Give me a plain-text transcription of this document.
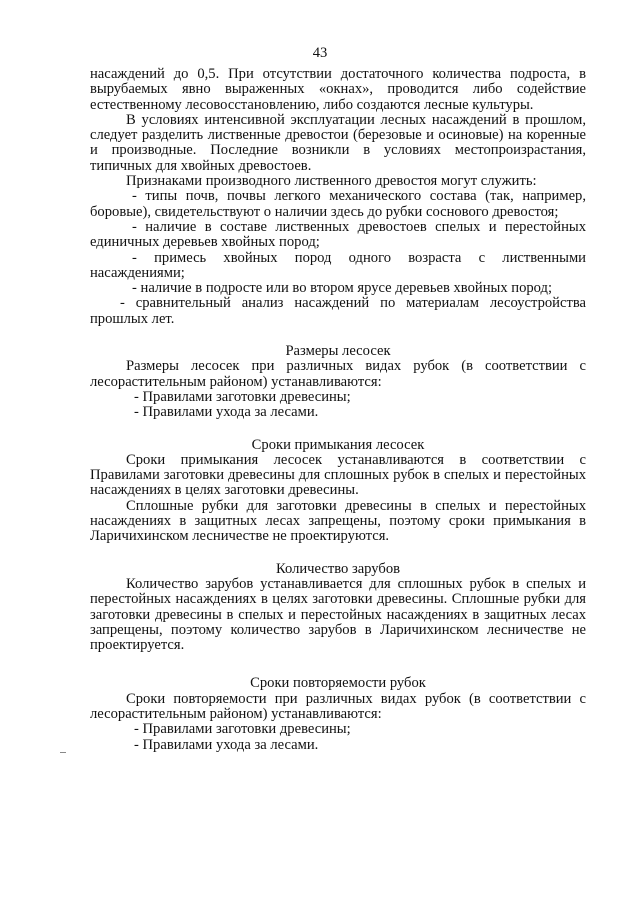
43

насаждений до 0,5. При отсутствии достаточного количества подроста, в вырубаемых явно выраженных «окнах», проводится либо содействие естественному лесовосстановлению, либо создаются лесные культуры.

В условиях интенсивной эксплуатации лесных насаждений в прошлом, следует разделить лиственные древостои (березовые и осиновые) на коренные и производные. Последние возникли в условиях местопроизрастания, типичных для хвойных древостоев.

Признаками производного лиственного древостоя могут служить:

- типы почв, почвы легкого механического состава (так, например, боровые), свидетельствуют о наличии здесь до рубки соснового древостоя;

- наличие в составе лиственных древостоев спелых и перестойных единичных деревьев хвойных пород;

- примесь хвойных пород одного возраста с лиственными насаждениями;

- наличие в подросте или во втором ярусе деревьев хвойных пород;

- сравнительный анализ насаждений по материалам лесоустройства прошлых лет.

Размеры лесосек

Размеры лесосек при различных видах рубок (в соответствии с лесорастительным районом) устанавливаются:

- Правилами заготовки древесины;

- Правилами ухода за лесами.

Сроки примыкания лесосек

Сроки примыкания лесосек устанавливаются в соответствии с Правилами заготовки древесины для сплошных рубок в спелых и перестойных насаждениях в целях заготовки древесины.

Сплошные рубки для заготовки древесины в спелых и перестойных насаждениях в защитных лесах запрещены, поэтому сроки примыкания в Ларичихинском лесничестве не проектируются.

Количество зарубов

Количество зарубов устанавливается для сплошных рубок в спелых и перестойных насаждениях в целях заготовки древесины. Сплошные рубки для заготовки древесины в спелых и перестойных насаждениях в защитных лесах запрещены, поэтому количество зарубов в Ларичихинском лесничестве не проектируется.

Сроки повторяемости рубок

Сроки повторяемости при различных видах рубок (в соответствии с лесорастительным районом) устанавливаются:

- Правилами заготовки древесины;

- Правилами ухода за лесами.
